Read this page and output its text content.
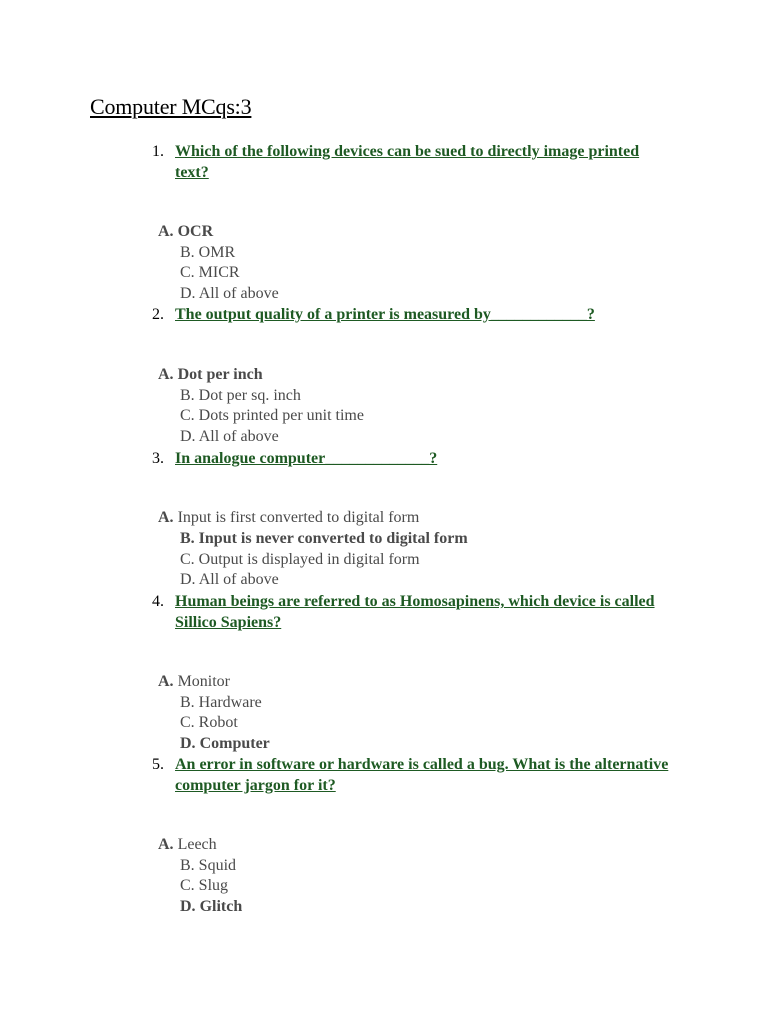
Computer MCqs:3
1. Which of the following devices can be sued to directly image printed text?
A. OCR
B. OMR
C. MICR
D. All of above
2. The output quality of a printer is measured by____________?
A. Dot per inch
B. Dot per sq. inch
C. Dots printed per unit time
D. All of above
3. In analogue computer_____________?
A. Input is first converted to digital form
B. Input is never converted to digital form
C. Output is displayed in digital form
D. All of above
4. Human beings are referred to as Homosapinens, which device is called Sillico Sapiens?
A. Monitor
B. Hardware
C. Robot
D. Computer
5. An error in software or hardware is called a bug. What is the alternative computer jargon for it?
A. Leech
B. Squid
C. Slug
D. Glitch
